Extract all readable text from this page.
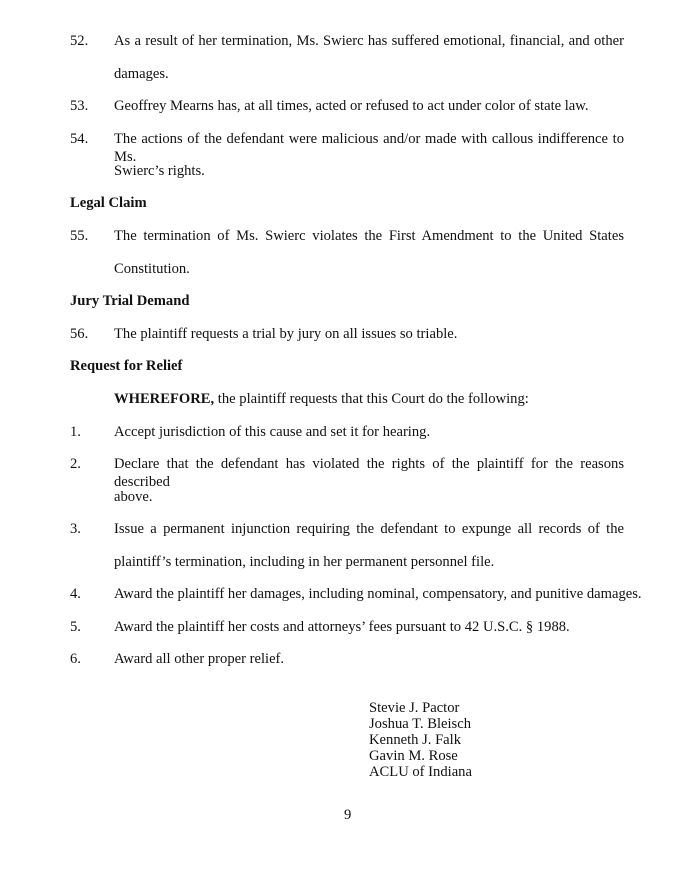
52. As a result of her termination, Ms. Swierc has suffered emotional, financial, and other
damages.
53. Geoffrey Mearns has, at all times, acted or refused to act under color of state law.
54. The actions of the defendant were malicious and/or made with callous indifference to Ms.
Swierc’s rights.
Legal Claim
55. The termination of Ms. Swierc violates the First Amendment to the United States
Constitution.
Jury Trial Demand
56. The plaintiff requests a trial by jury on all issues so triable.
Request for Relief
WHEREFORE, the plaintiff requests that this Court do the following:
1. Accept jurisdiction of this cause and set it for hearing.
2. Declare that the defendant has violated the rights of the plaintiff for the reasons described
above.
3. Issue a permanent injunction requiring the defendant to expunge all records of the
plaintiff’s termination, including in her permanent personnel file.
4. Award the plaintiff her damages, including nominal, compensatory, and punitive damages.
5. Award the plaintiff her costs and attorneys’ fees pursuant to 42 U.S.C. § 1988.
6. Award all other proper relief.
Stevie J. Pactor
Joshua T. Bleisch
Kenneth J. Falk
Gavin M. Rose
ACLU of Indiana
9
